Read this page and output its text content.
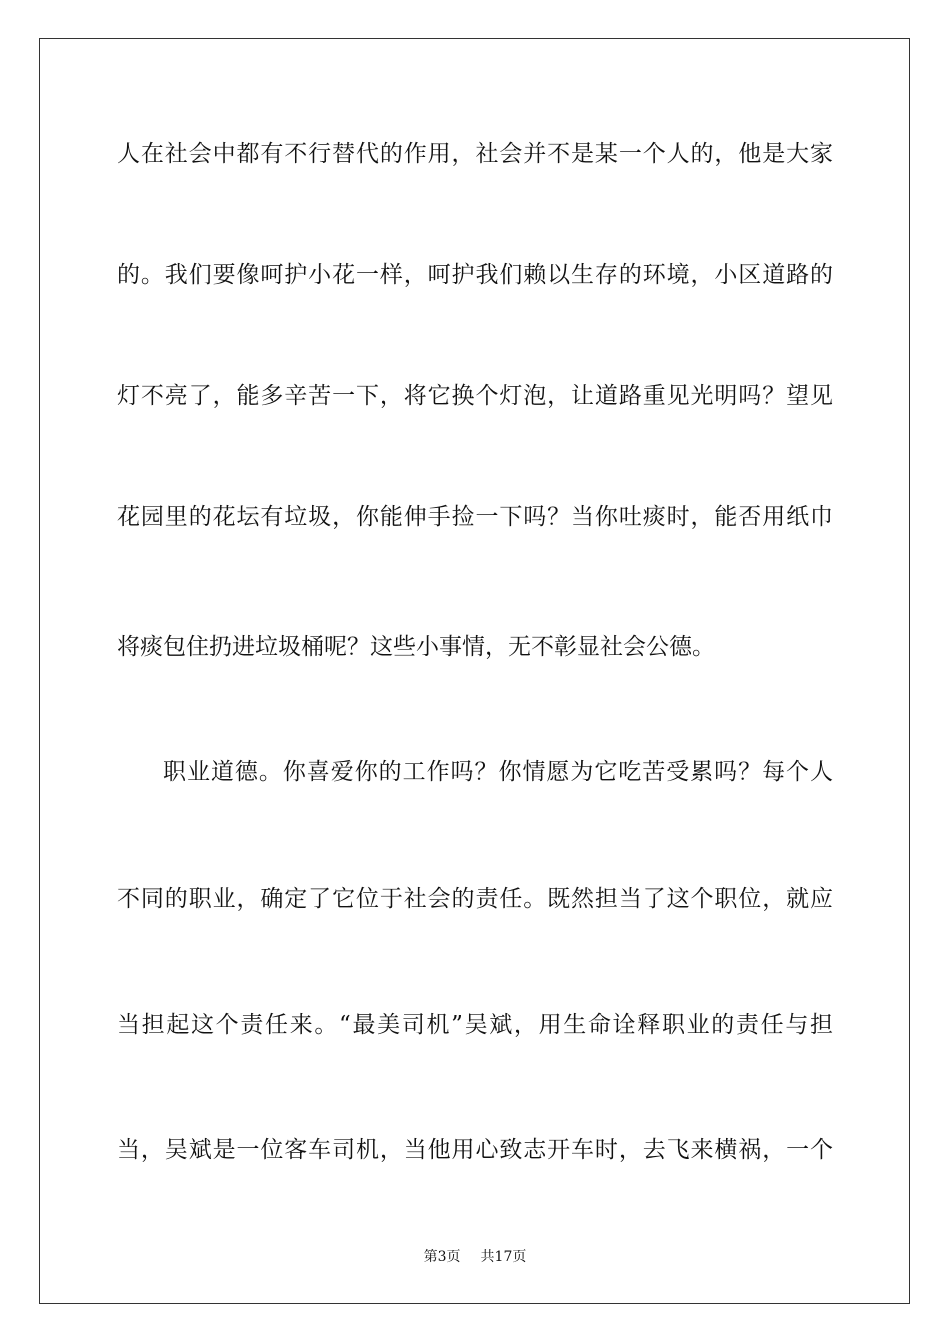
人在社会中都有不行替代的作用，社会并不是某一个人的，他是大家
的。我们要像呵护小花一样，呵护我们赖以生存的环境，小区道路的
灯不亮了，能多辛苦一下，将它换个灯泡，让道路重见光明吗？望见
花园里的花坛有垃圾，你能伸手捡一下吗？当你吐痰时，能否用纸巾
将痰包住扔进垃圾桶呢？这些小事情，无不彰显社会公德。
职业道德。你喜爱你的工作吗？你情愿为它吃苦受累吗？每个人
不同的职业，确定了它位于社会的责任。既然担当了这个职位，就应
当担起这个责任来。“最美司机”吴斌，用生命诠释职业的责任与担
当，吴斌是一位客车司机，当他用心致志开车时，去飞来横祸，一个
第3页 共17页
